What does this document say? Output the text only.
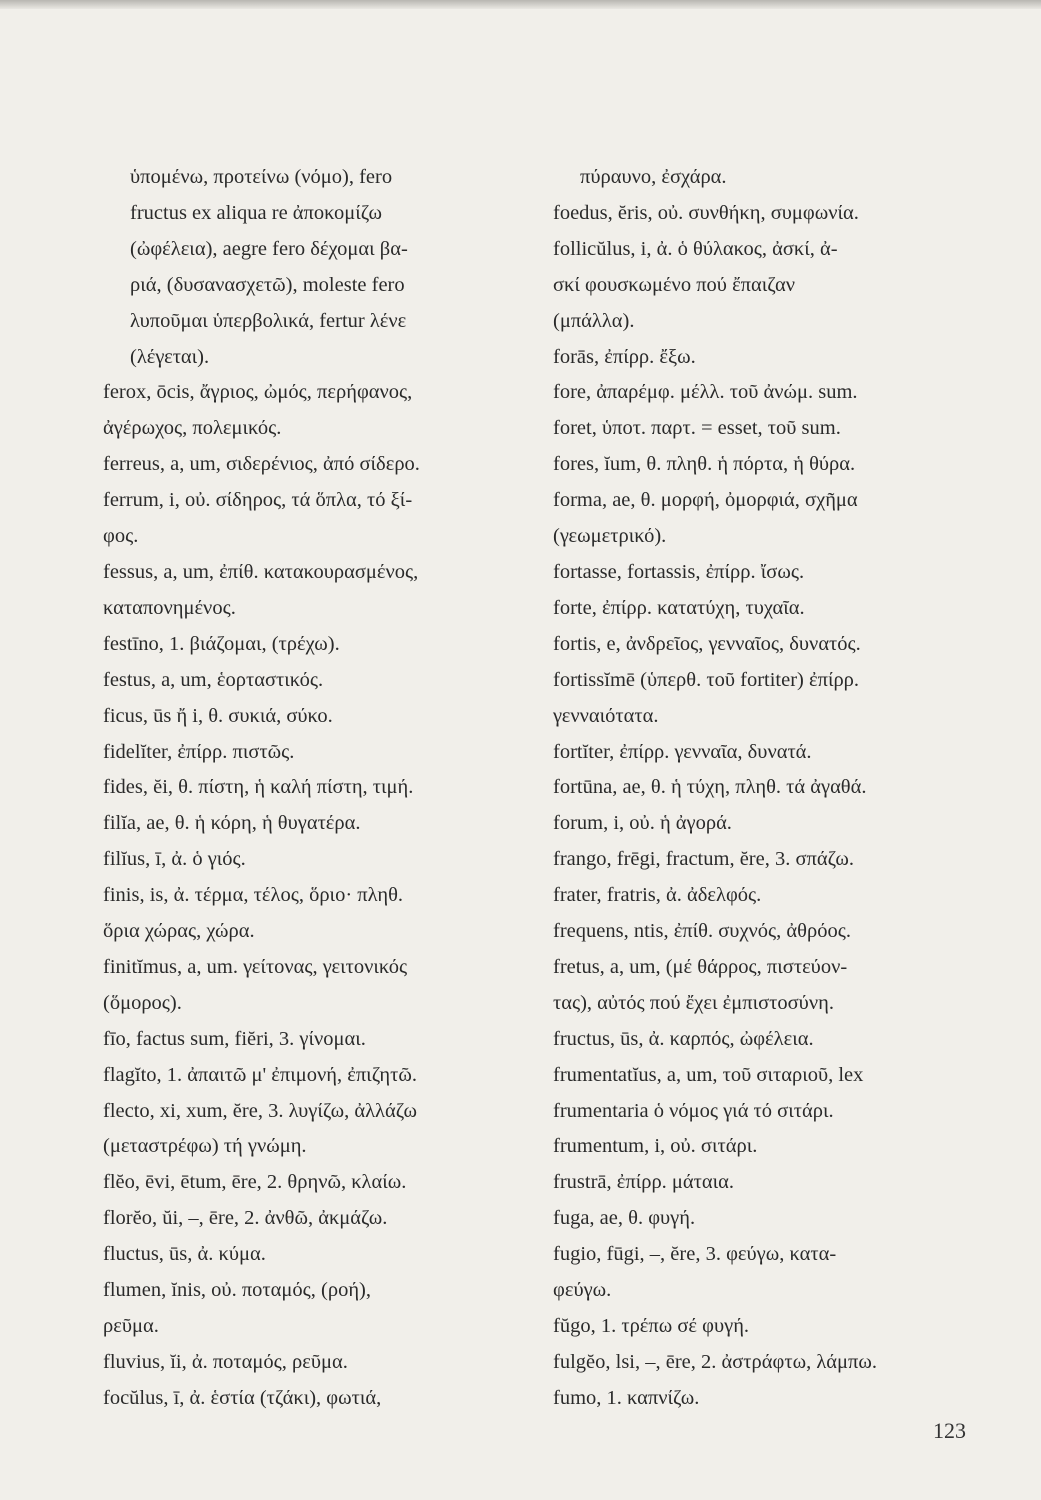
ὑπομένω, προτείνω (νόμο), fero
fructus ex aliqua re ἀποκομίζω
(ὠφέλεια), aegre fero δέχομαι βα-
ριά, (δυσανασχετῶ), moleste fero
λυποῦμαι ὑπερβολικά, fertur λένε
(λέγεται).
ferox, ōcis, ἄγριος, ὠμός, περήφανος,
ἀγέρωχος, πολεμικός.
ferreus, a, um, σιδερένιος, ἀπό σίδερο.
ferrum, i, οὐ. σίδηρος, τά ὅπλα, τό ξί-
φος.
fessus, a, um, ἐπίθ. κατακουρασμένος,
καταπονημένος.
festīno, 1. βιάζομαι, (τρέχω).
festus, a, um, ἑορταστικός.
ficus, ūs ἤ i, θ. συκιά, σύκο.
fidelĭter, ἐπίρρ. πιστῶς.
fides, ĕi, θ. πίστη, ἡ καλή πίστη, τιμή.
filĭa, ae, θ. ἡ κόρη, ἡ θυγατέρα.
filĭus, ī, ἀ. ὁ γιός.
finis, is, ἀ. τέρμα, τέλος, ὅριο· πληθ.
ὅρια χώρας, χώρα.
finitĭmus, a, um. γείτονας, γειτονικός
(ὅμορος).
fīo, factus sum, fiĕri, 3. γίνομαι.
flagĭto, 1. ἀπαιτῶ μ' ἐπιμονή, ἐπιζητῶ.
flecto, xi, xum, ĕre, 3. λυγίζω, ἀλλάζω
(μεταστρέφω) τή γνώμη.
flĕo, ēvi, ētum, ēre, 2. θρηνῶ, κλαίω.
florĕo, ŭi, –, ēre, 2. ἀνθῶ, ἀκμάζω.
fluctus, ūs, ἀ. κύμα.
flumen, ĭnis, οὐ. ποταμός, (ροή),
ρεῦμα.
fluvius, ĭi, ἀ. ποταμός, ρεῦμα.
focŭlus, ī, ἀ. ἑστία (τζάκι), φωτιά,
πύραυνο, ἐσχάρα.
foedus, ĕris, οὐ. συνθήκη, συμφωνία.
follicŭlus, i, ἀ. ὁ θύλακος, ἀσκί, ἀ-
σκί φουσκωμένο πού ἔπαιζαν
(μπάλλα).
forās, ἐπίρρ. ἔξω.
fore, ἀπαρέμφ. μέλλ. τοῦ ἀνώμ. sum.
foret, ὑποτ. παρτ. = esset, τοῦ sum.
fores, ĭum, θ. πληθ. ἡ πόρτα, ἡ θύρα.
forma, ae, θ. μορφή, ὀμορφιά, σχῆμα
(γεωμετρικό).
fortasse, fortassis, ἐπίρρ. ἴσως.
forte, ἐπίρρ. κατατύχη, τυχαῖα.
fortis, e, ἀνδρεῖος, γενναῖος, δυνατός.
fortissĭmē (ὑπερθ. τοῦ fortiter) ἐπίρρ.
γενναιότατα.
fortĭter, ἐπίρρ. γενναῖα, δυνατά.
fortūna, ae, θ. ἡ τύχη, πληθ. τά ἀγαθά.
forum, i, οὐ. ἡ ἀγορά.
frango, frēgi, fractum, ĕre, 3. σπάζω.
frater, fratris, ἀ. ἀδελφός.
frequens, ntis, ἐπίθ. συχνός, ἀθρόος.
fretus, a, um, (μέ θάρρος, πιστεύον-
τας), αὐτός πού ἔχει ἐμπιστοσύνη.
fructus, ūs, ἀ. καρπός, ὠφέλεια.
frumentatĭus, a, um, τοῦ σιταριοῦ, lex
frumentaria ὁ νόμος γιά τό σιτάρι.
frumentum, i, οὐ. σιτάρι.
frustrā, ἐπίρρ. μάταια.
fuga, ae, θ. φυγή.
fugio, fūgi, –, ĕre, 3. φεύγω, κατα-
φεύγω.
fŭgo, 1. τρέπω σέ φυγή.
fulgĕo, lsi, –, ēre, 2. ἀστράφτω, λάμπω.
fumo, 1. καπνίζω.
123
